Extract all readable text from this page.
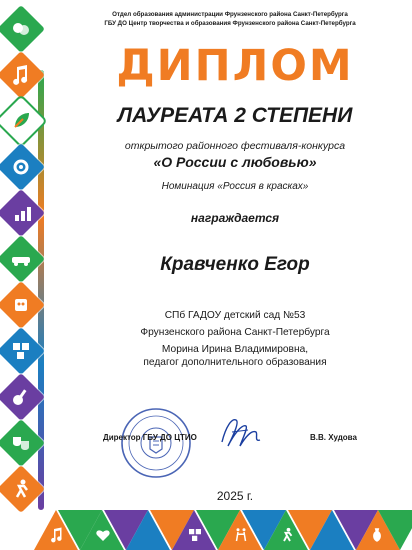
Отдел образования администрации Фрунзенского района Санкт-Петербурга
ГБУ ДО Центр творчества и образования Фрунзенского района Санкт-Петербурга
ДИПЛОМ
ЛАУРЕАТА 2 СТЕПЕНИ
открытого районного фестиваля-конкурса
«О России с любовью»
Номинация «Россия в красках»
награждается
Кравченко Егор
СПб ГАДОУ детский сад №53
Фрунзенского района Санкт-Петербурга
Морина Ирина Владимировна,
педагог дополнительного образования
Директор ГБУ ДО ЦТИО	В.В. Худова
2025 г.
